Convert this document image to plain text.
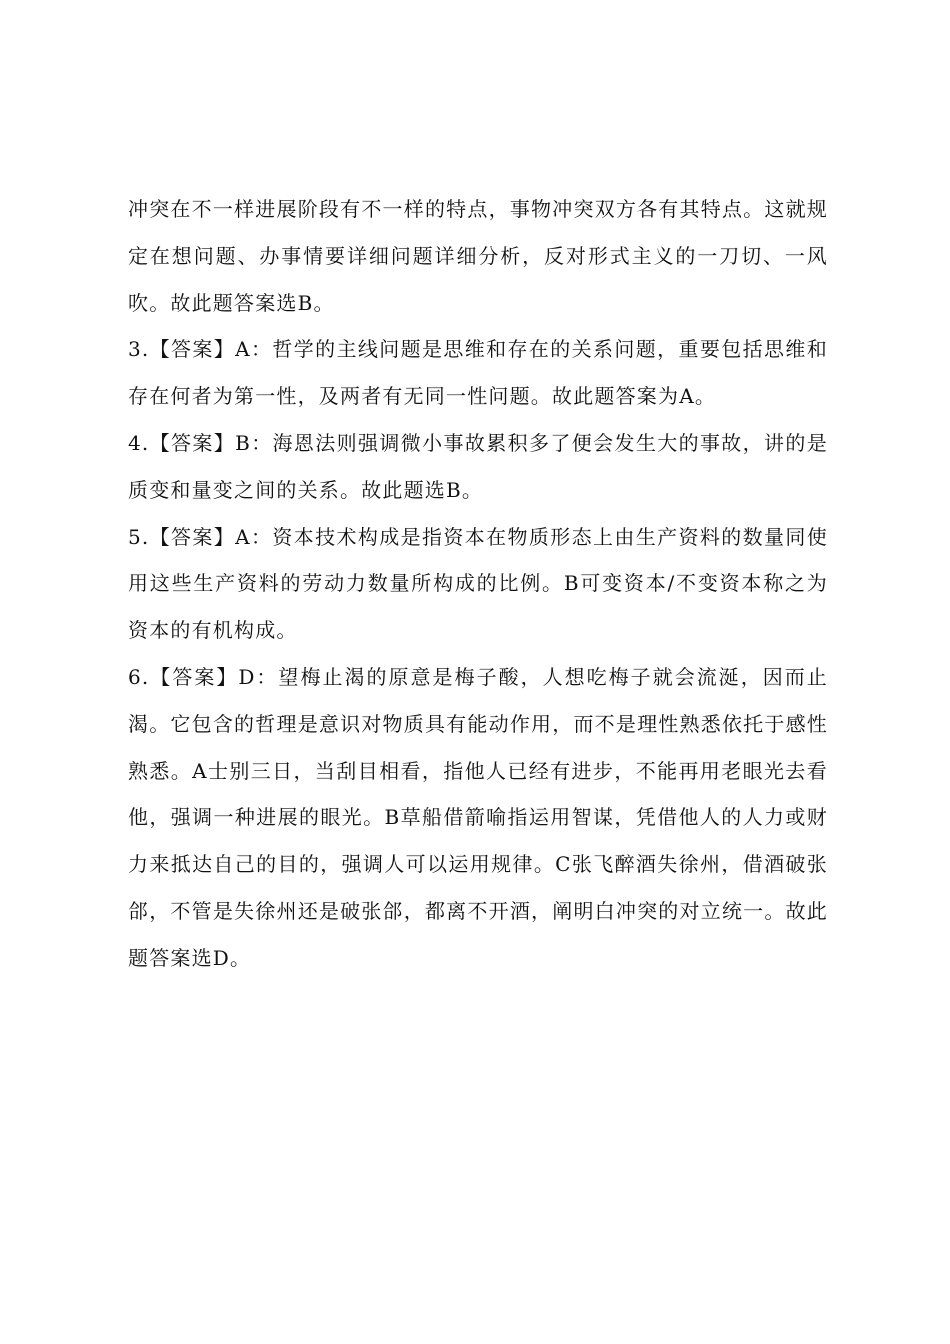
冲突在不一样进展阶段有不一样的特点，事物冲突双方各有其特点。这就规定在想问题、办事情要详细问题详细分析，反对形式主义的一刀切、一风吹。故此题答案选B。

3.【答案】A：哲学的主线问题是思维和存在的关系问题，重要包括思维和存在何者为第一性，及两者有无同一性问题。故此题答案为A。

4.【答案】B：海恩法则强调微小事故累积多了便会发生大的事故，讲的是质变和量变之间的关系。故此题选B。

5.【答案】A：资本技术构成是指资本在物质形态上由生产资料的数量同使用这些生产资料的劳动力数量所构成的比例。B可变资本/不变资本称之为资本的有机构成。

6.【答案】D：望梅止渴的原意是梅子酸，人想吃梅子就会流涎，因而止渴。它包含的哲理是意识对物质具有能动作用，而不是理性熟悉依托于感性熟悉。A士别三日，当刮目相看，指他人已经有进步，不能再用老眼光去看他，强调一种进展的眼光。B草船借箭喻指运用智谋，凭借他人的人力或财力来抵达自己的目的，强调人可以运用规律。C张飞醉酒失徐州，借酒破张郃，不管是失徐州还是破张郃，都离不开酒，阐明白冲突的对立统一。故此题答案选D。
